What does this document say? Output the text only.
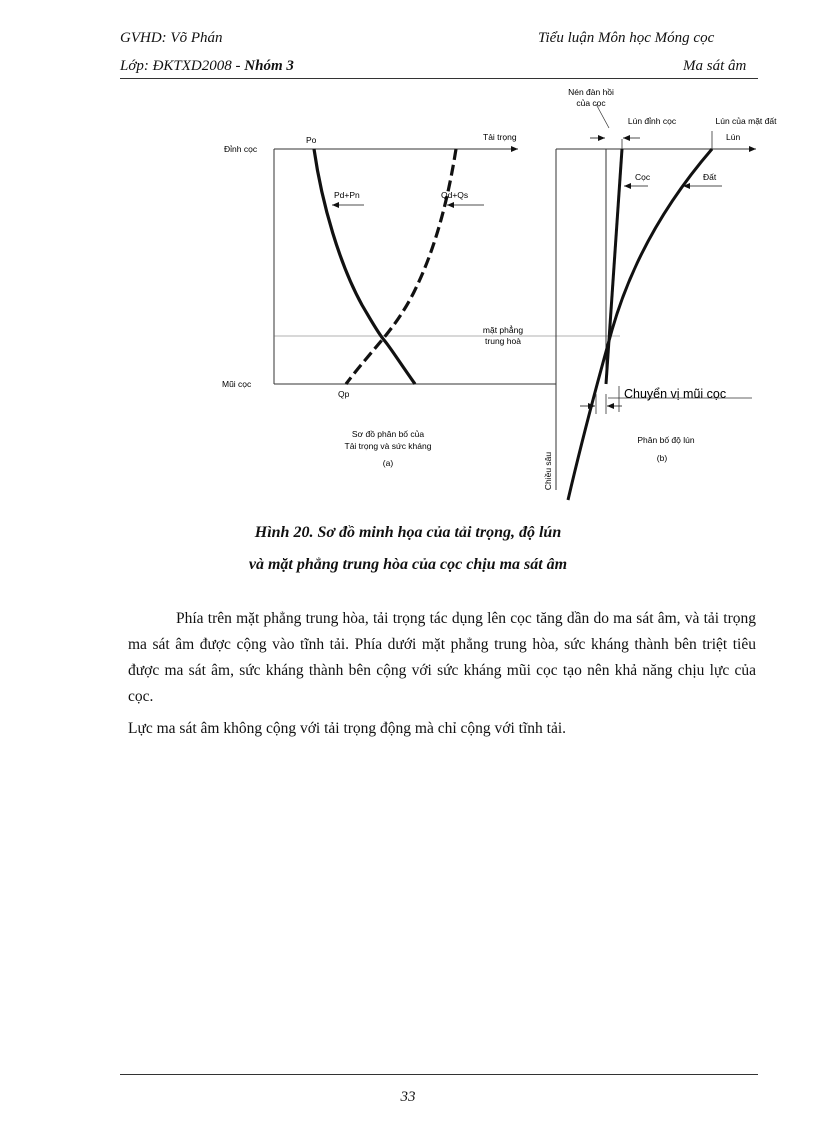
GVHD: Võ Phán	Tiểu luận Môn học Móng cọc
Lớp: ĐKTXD2008 - Nhóm 3	Ma sát âm
Đỉnh cọc
Mũi cọc
Tải trọng
Po
Pd+Pn	Qd+Qs
Qp
mặt phẳng
trung hoà
Sơ đồ phân bố của
Tải trọng và sức kháng
(a)
Nén đàn hồi
của cọc
Lún đỉnh cọc	Lún của mặt đất
Lún
Cọc	Đất
Chuyển vị mũi cọc
Phân bố độ lún
(b)
Chiều sâu
Hình 20. Sơ đồ minh họa của tải trọng, độ lún
và mặt phẳng trung hòa của cọc chịu ma sát âm

Phía trên mặt phẳng trung hòa, tải trọng tác dụng lên cọc tăng dần do ma sát âm, và tải trọng ma sát âm được cộng vào tĩnh tải. Phía dưới mặt phẳng trung hòa, sức kháng thành bên triệt tiêu được ma sát âm, sức kháng thành bên cộng với sức kháng mũi cọc tạo nên khả năng chịu lực của cọc.

Lực ma sát âm không cộng với tải trọng động mà chỉ cộng với tĩnh tải.

33
